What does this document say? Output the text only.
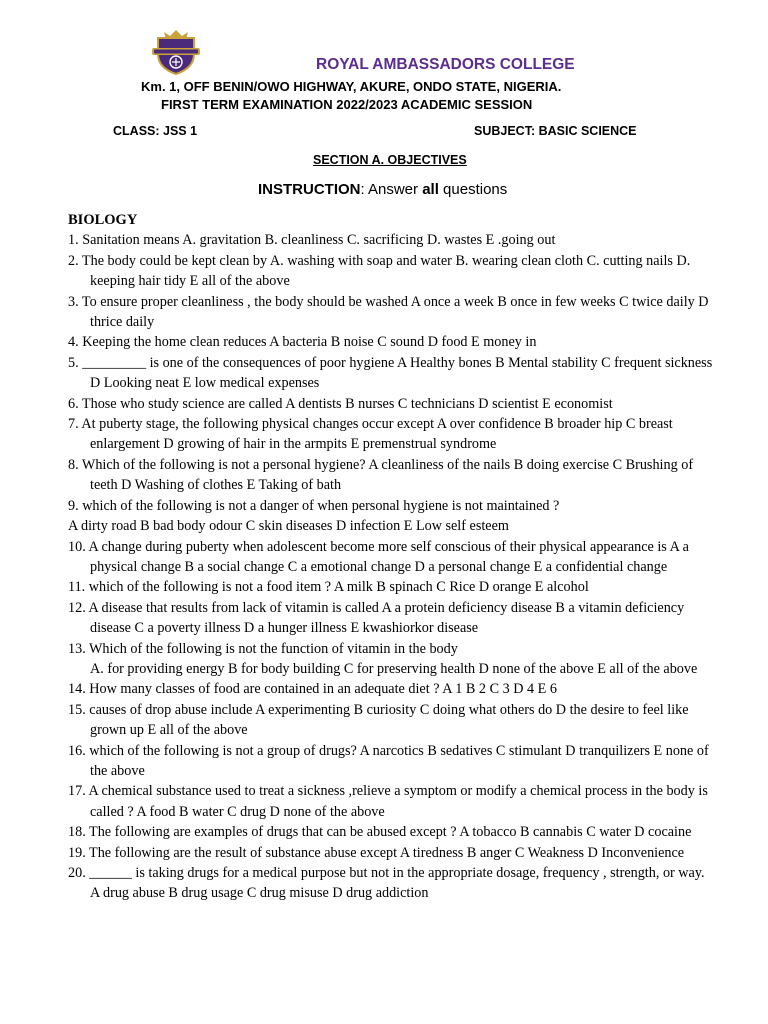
ROYAL AMBASSADORS COLLEGE
Km. 1, OFF BENIN/OWO HIGHWAY, AKURE, ONDO STATE, NIGERIA.
FIRST TERM EXAMINATION 2022/2023 ACADEMIC SESSION
CLASS: JSS 1	SUBJECT: BASIC SCIENCE
SECTION A. OBJECTIVES
INSTRUCTION: Answer all questions
BIOLOGY
1. Sanitation means A. gravitation B. cleanliness C. sacrificing D. wastes E .going out
2. The body could be kept clean by A. washing with soap and water B. wearing clean cloth C. cutting nails D. keeping hair tidy E all of the above
3. To ensure proper cleanliness , the body should be washed A once a week B once in few weeks C twice daily D thrice daily
4. Keeping the home clean reduces A bacteria B noise C sound D food E money in
5. _________ is one of the consequences of poor hygiene A Healthy bones B Mental stability C frequent sickness D Looking neat E low medical expenses
6. Those who study science are called A dentists B nurses C technicians D scientist E economist
7. At puberty stage, the following physical changes occur except A over confidence B broader hip C breast enlargement D growing of hair in the armpits E premenstrual syndrome
8. Which of the following is not a personal hygiene? A cleanliness of the nails B doing exercise C Brushing of teeth D Washing of clothes E Taking of bath
9. which of the following is not a danger of when personal hygiene is not maintained ?
A dirty road B bad body odour C skin diseases D infection E Low self esteem
10. A change during puberty when adolescent become more self conscious of their physical appearance is A a physical change B a social change C a emotional change D a personal change E a confidential change
11. which of the following is not a food item ? A milk B spinach C Rice D orange E alcohol
12. A disease that results from lack of vitamin is called A a protein deficiency disease B a vitamin deficiency disease C a poverty illness D a hunger illness E kwashiorkor disease
13. Which of the following is not the function of vitamin in the body
A. for providing energy B for body building C for preserving health D none of the above E all of the above
14. How many classes of food are contained in an adequate diet ? A 1 B 2 C 3 D 4 E 6
15. causes of drop abuse include A experimenting B curiosity C doing what others do D the desire to feel like grown up E all of the above
16. which of the following is not a group of drugs? A narcotics B sedatives C stimulant D tranquilizers E none of the above
17. A chemical substance used to treat a sickness ,relieve a symptom or modify a chemical process in the body is called ? A food B water C drug D none of the above
18. The following are examples of drugs that can be abused except ? A tobacco B cannabis C water D cocaine
19. The following are the result of substance abuse except A tiredness B anger C Weakness D Inconvenience
20. ______ is taking drugs for a medical purpose but not in the appropriate dosage, frequency , strength, or way. A drug abuse B drug usage C drug misuse D drug addiction
